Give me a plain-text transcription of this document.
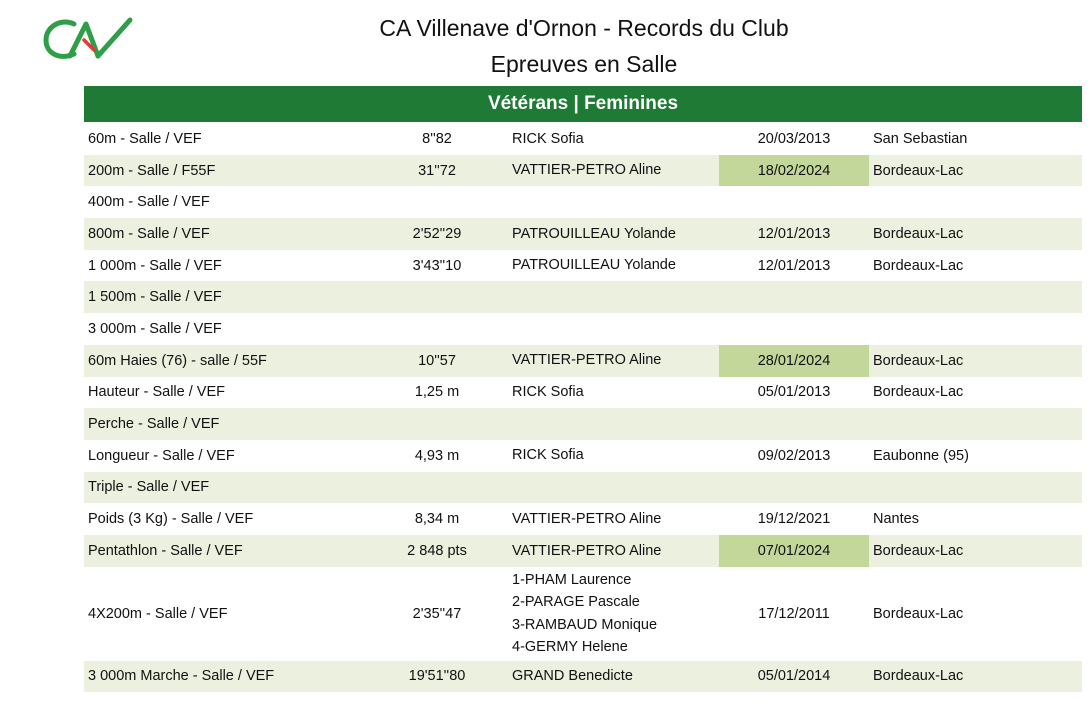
CA Villenave d'Ornon - Records du Club
Epreuves en Salle
Vétérans | Feminines
60m - Salle / VEF	8''82	RICK Sofia	20/03/2013	San Sebastian
200m - Salle / F55F	31''72	VATTIER-PETRO Aline	18/02/2024	Bordeaux-Lac
400m - Salle / VEF				
800m - Salle / VEF	2'52''29	PATROUILLEAU Yolande	12/01/2013	Bordeaux-Lac
1 000m - Salle / VEF	3'43''10	PATROUILLEAU Yolande	12/01/2013	Bordeaux-Lac
1 500m - Salle / VEF				
3 000m - Salle / VEF				
60m Haies (76) - salle / 55F	10''57	VATTIER-PETRO Aline	28/01/2024	Bordeaux-Lac
Hauteur - Salle / VEF	1,25 m	RICK Sofia	05/01/2013	Bordeaux-Lac
Perche - Salle / VEF				
Longueur - Salle / VEF	4,93 m	RICK Sofia	09/02/2013	Eaubonne (95)
Triple - Salle / VEF				
Poids (3 Kg) - Salle / VEF	8,34 m	VATTIER-PETRO Aline	19/12/2021	Nantes
Pentathlon - Salle / VEF	2 848 pts	VATTIER-PETRO Aline	07/01/2024	Bordeaux-Lac
4X200m - Salle / VEF	2'35''47	1-PHAM Laurence
2-PARAGE Pascale
3-RAMBAUD Monique
4-GERMY Helene	17/12/2011	Bordeaux-Lac
3 000m Marche - Salle / VEF	19'51''80	GRAND Benedicte	05/01/2014	Bordeaux-Lac
